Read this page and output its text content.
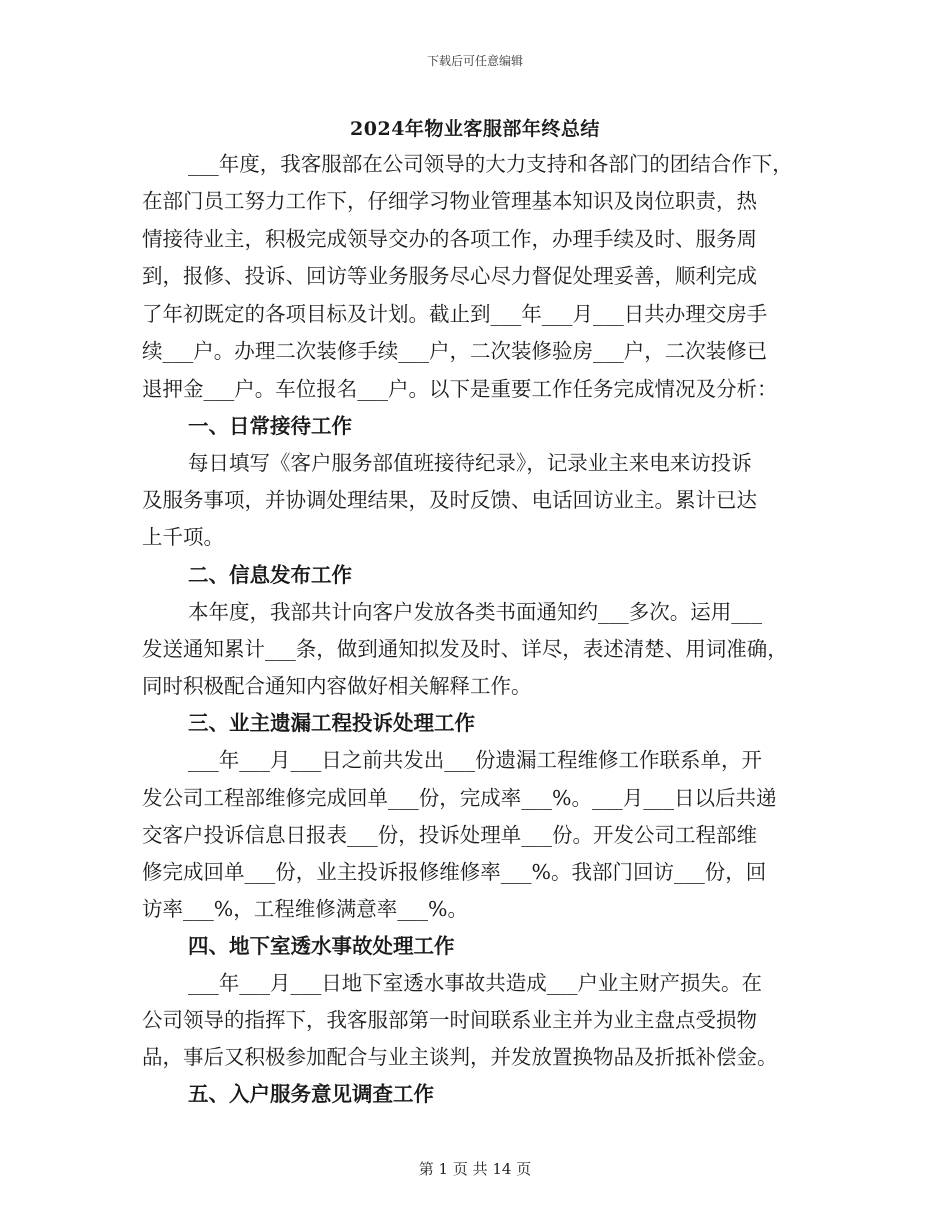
下载后可任意编辑
2024年物业客服部年终总结
___年度，我客服部在公司领导的大力支持和各部门的团结合作下，
在部门员工努力工作下，仔细学习物业管理基本知识及岗位职责，热
情接待业主，积极完成领导交办的各项工作，办理手续及时、服务周
到，报修、投诉、回访等业务服务尽心尽力督促处理妥善，顺利完成
了年初既定的各项目标及计划。截止到___年___月___日共办理交房手
续___户。办理二次装修手续___户，二次装修验房___户，二次装修已
退押金___户。车位报名___户。以下是重要工作任务完成情况及分析：
一、日常接待工作
每日填写《客户服务部值班接待纪录》，记录业主来电来访投诉
及服务事项，并协调处理结果，及时反馈、电话回访业主。累计已达
上千项。
二、信息发布工作
本年度，我部共计向客户发放各类书面通知约___多次。运用___
发送通知累计___条，做到通知拟发及时、详尽，表述清楚、用词准确，
同时积极配合通知内容做好相关解释工作。
三、业主遗漏工程投诉处理工作
___年___月___日之前共发出___份遗漏工程维修工作联系单，开
发公司工程部维修完成回单___份，完成率___%。___月___日以后共递
交客户投诉信息日报表___份，投诉处理单___份。开发公司工程部维
修完成回单___份，业主投诉报修维修率___%。我部门回访___份，回
访率___%，工程维修满意率___%。
四、地下室透水事故处理工作
___年___月___日地下室透水事故共造成___户业主财产损失。在
公司领导的指挥下，我客服部第一时间联系业主并为业主盘点受损物
品，事后又积极参加配合与业主谈判，并发放置换物品及折抵补偿金。
五、入户服务意见调查工作
第 1 页 共 14 页
